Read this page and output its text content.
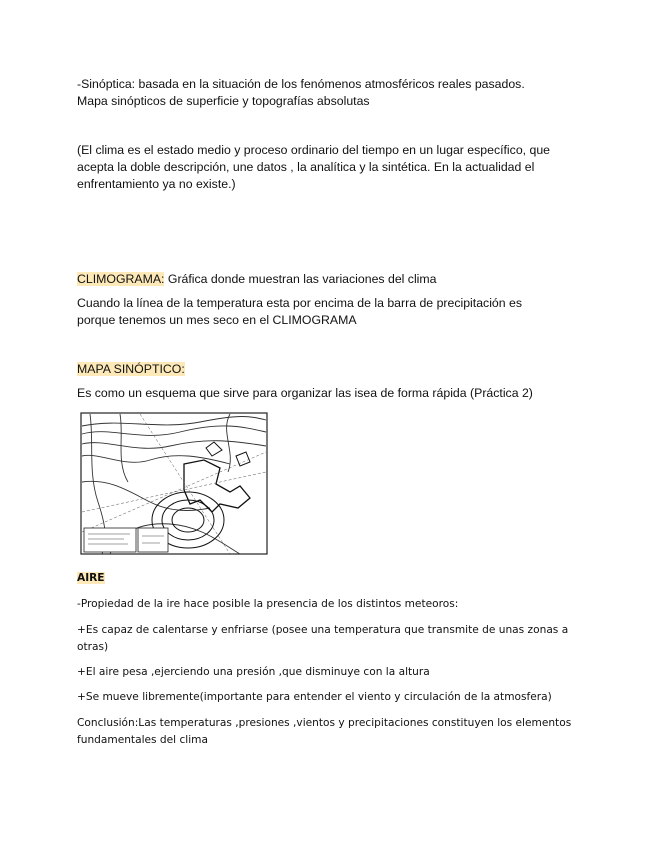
-Sinóptica: basada en la situación de los fenómenos atmosféricos reales pasados.
Mapa sinópticos de superficie y topografías absolutas
(El clima es el estado medio y proceso ordinario del tiempo en un lugar específico, que
acepta la doble descripción, une datos , la analítica y la sintética. En la actualidad el
enfrentamiento ya no existe.)
CLIMOGRAMA: Gráfica donde muestran las variaciones del clima
Cuando la línea de la temperatura esta por encima de la barra de precipitación es
porque tenemos un mes seco en el CLIMOGRAMA
MAPA SINÓPTICO:
Es como un esquema que sirve para organizar las isea de forma rápida (Práctica 2)
AIRE
-Propiedad de la ire hace posible la presencia de los distintos meteoros:
+Es capaz de calentarse y enfriarse (posee una temperatura que transmite de unas zonas a
otras)
+El aire pesa ,ejerciendo una presión ,que disminuye con la altura
+Se mueve libremente(importante para entender el viento y circulación de la atmosfera)
Conclusión:Las temperaturas ,presiones ,vientos y precipitaciones constituyen los elementos
fundamentales del clima
